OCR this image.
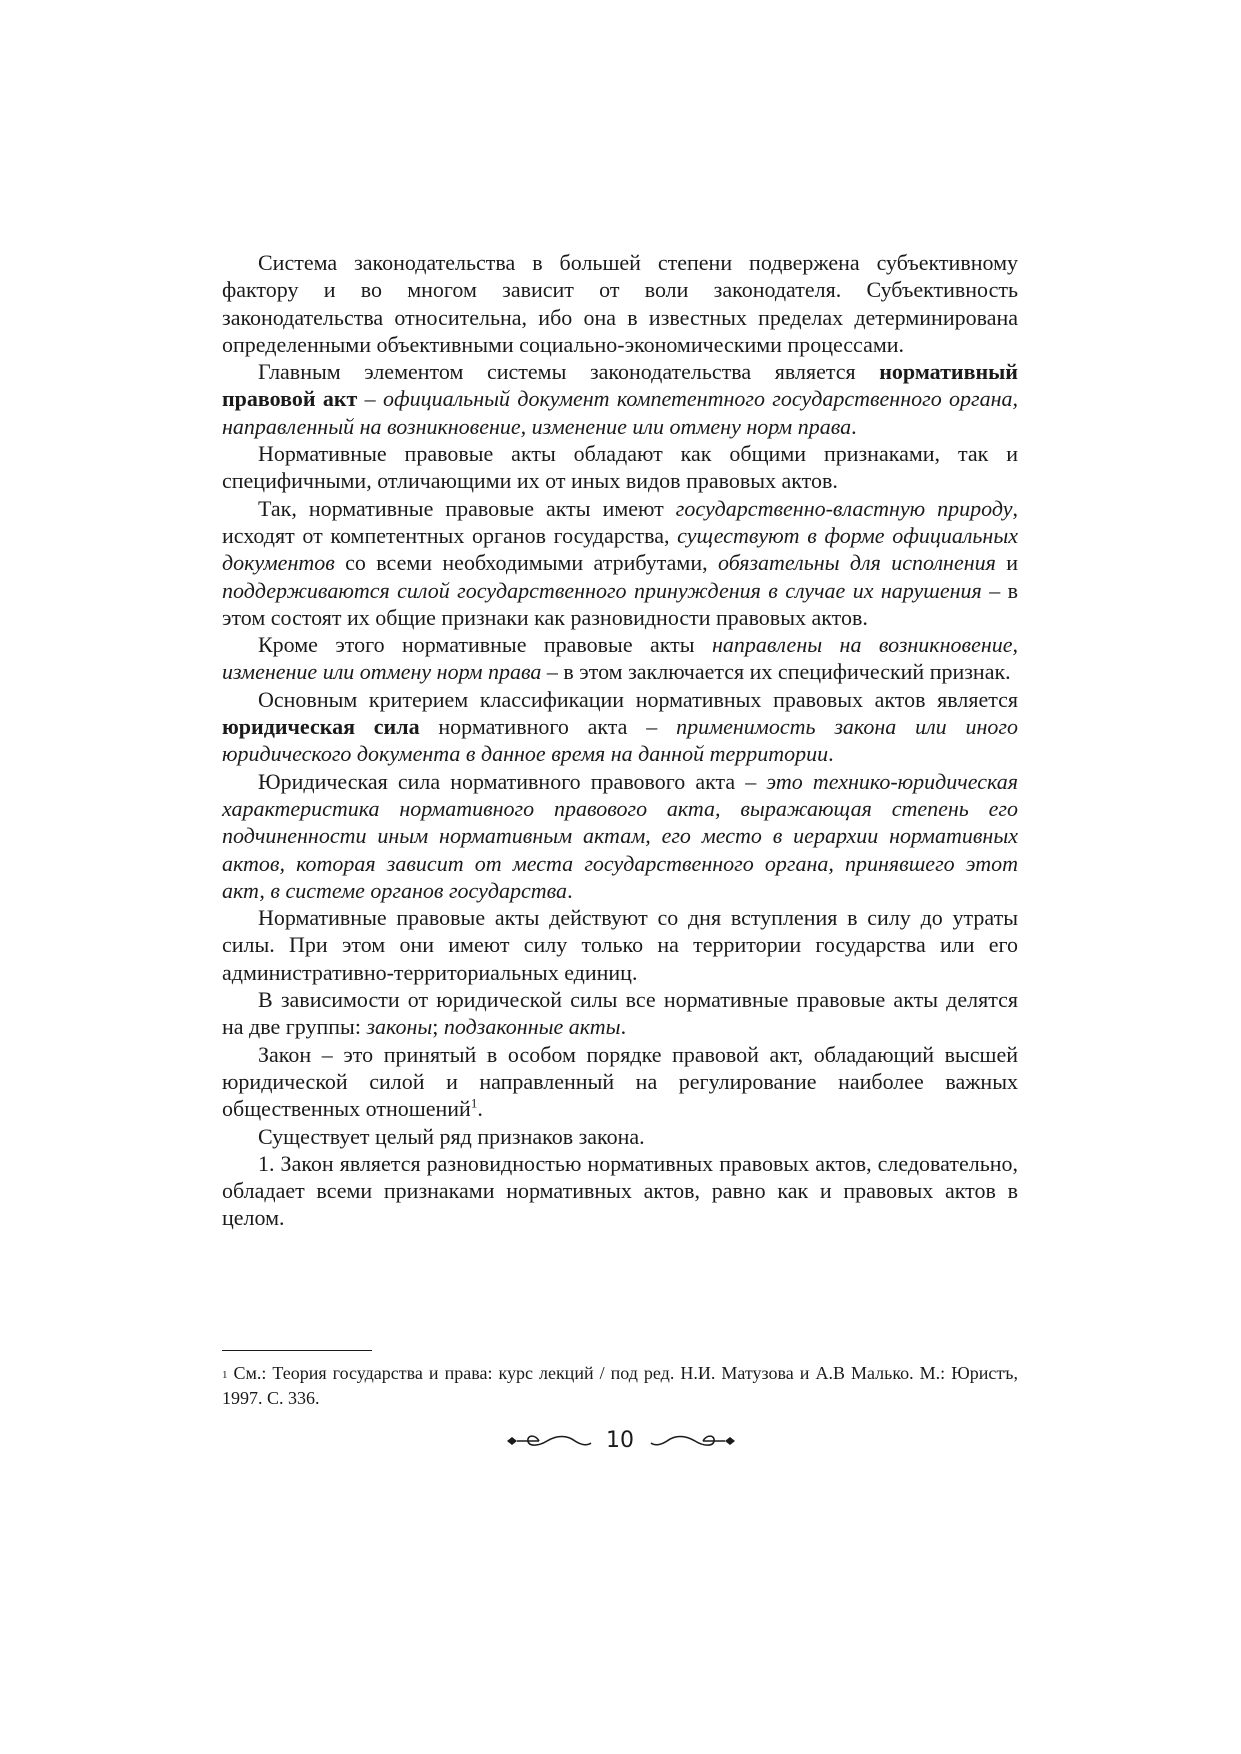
Система законодательства в большей степени подвержена субъективному фактору и во многом зависит от воли законодателя. Субъективность законодательства относительна, ибо она в известных пределах детерминирована определенными объективными социально-экономическими процессами.

Главным элементом системы законодательства является нормативный правовой акт – официальный документ компетентного государственного органа, направленный на возникновение, изменение или отмену норм права.

Нормативные правовые акты обладают как общими признаками, так и специфичными, отличающими их от иных видов правовых актов.

Так, нормативные правовые акты имеют государственно-властную природу, исходят от компетентных органов государства, существуют в форме официальных документов со всеми необходимыми атрибутами, обязательны для исполнения и поддерживаются силой государственного принуждения в случае их нарушения – в этом состоят их общие признаки как разновидности правовых актов.

Кроме этого нормативные правовые акты направлены на возникновение, изменение или отмену норм права – в этом заключается их специфический признак.

Основным критерием классификации нормативных правовых актов является юридическая сила нормативного акта – применимость закона или иного юридического документа в данное время на данной территории.

Юридическая сила нормативного правового акта – это технико-юридическая характеристика нормативного правового акта, выражающая степень его подчиненности иным нормативным актам, его место в иерархии нормативных актов, которая зависит от места государственного органа, принявшего этот акт, в системе органов государства.

Нормативные правовые акты действуют со дня вступления в силу до утраты силы. При этом они имеют силу только на территории государства или его административно-территориальных единиц.

В зависимости от юридической силы все нормативные правовые акты делятся на две группы: законы; подзаконные акты.

Закон – это принятый в особом порядке правовой акт, обладающий высшей юридической силой и направленный на регулирование наиболее важных общественных отношений$^1$.

Существует целый ряд признаков закона.

1. Закон является разновидностью нормативных правовых актов, следовательно, обладает всеми признаками нормативных актов, равно как и правовых актов в целом.

$^1$ См.: Теория государства и права: курс лекций / под ред. Н.И. Матузова и А.В Малько. М.: Юристъ, 1997. С. 336.
10
